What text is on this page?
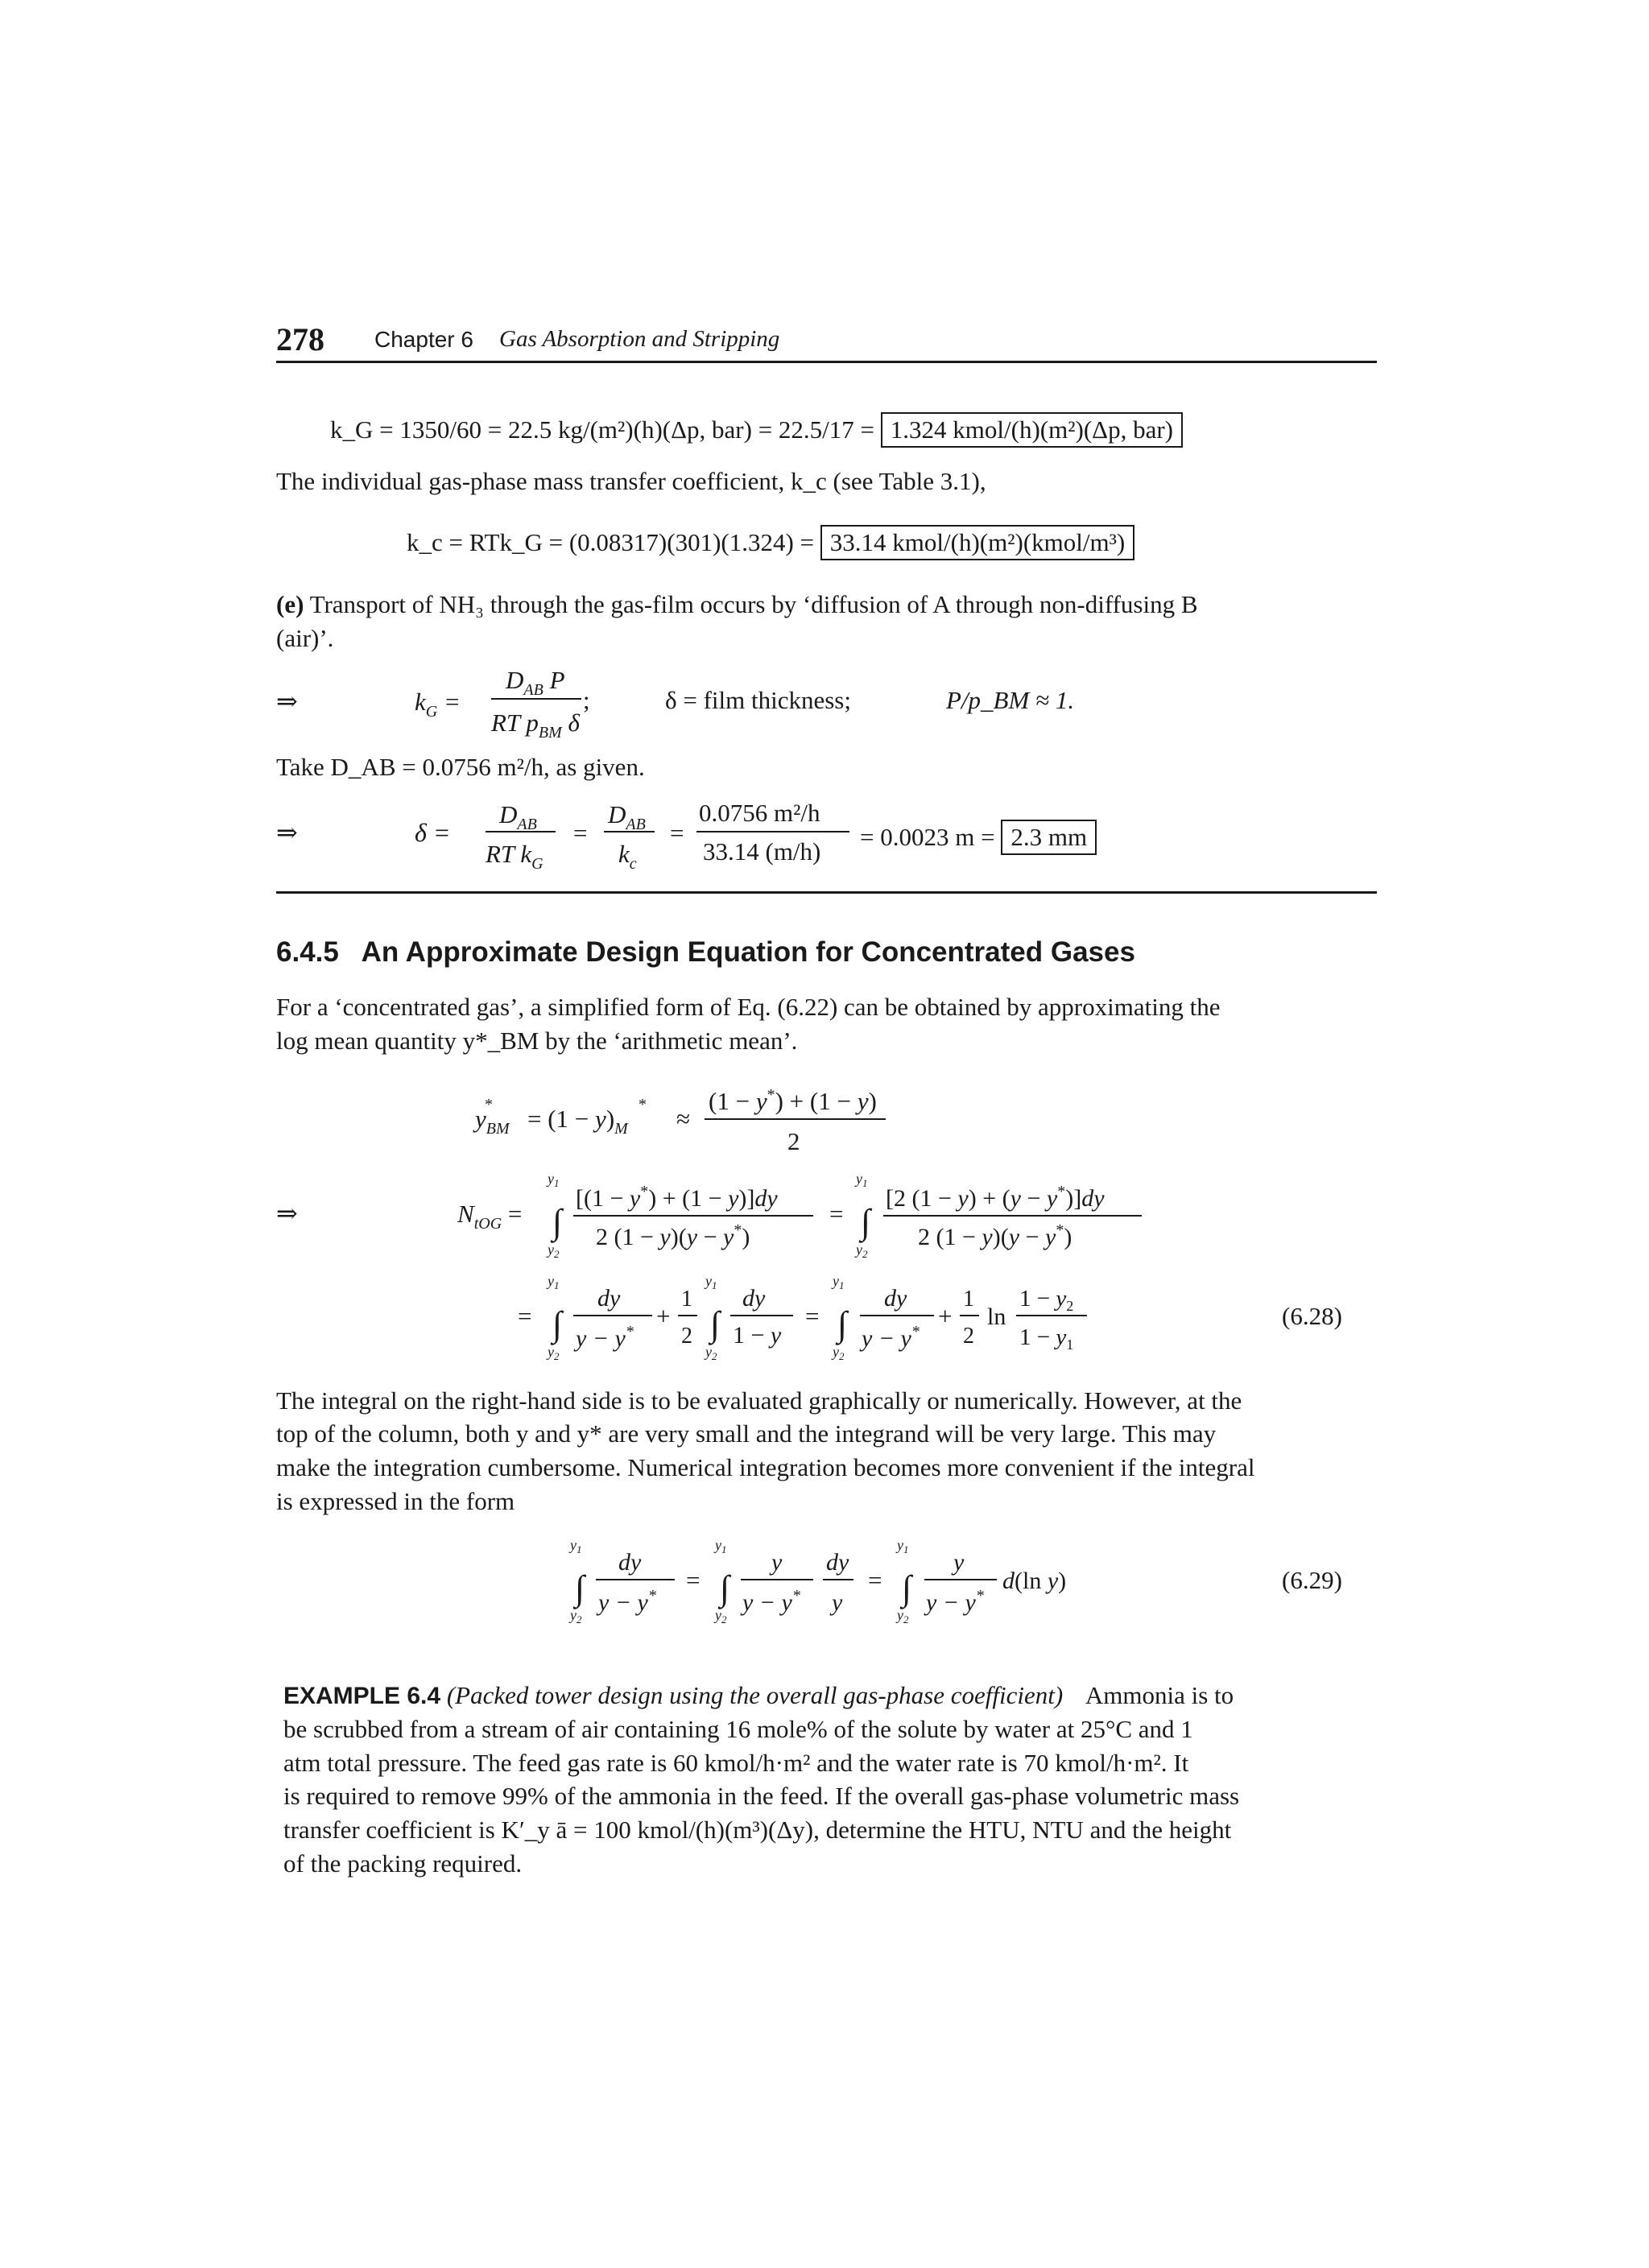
278 Chapter 6 Gas Absorption and Stripping
k_G = 1350/60 = 22.5 kg/(m²)(h)(Δp, bar) = 22.5/17 = 1.324 kmol/(h)(m²)(Δp, bar)
The individual gas-phase mass transfer coefficient, k_c (see Table 3.1),
k_c = RTk_G = (0.08317)(301)(1.324) = 33.14 kmol/(h)(m²)(kmol/m³)
(e) Transport of NH₃ through the gas-film occurs by ‘diffusion of A through non-diffusing B
(air)’.
⇒	$k_G$ =
$D_{AB}$ P
RT $p_{BM}$ δ
;	δ = film thickness;	P/p_BM ≈ 1.
Take D_AB = 0.0756 m²/h, as given.
⇒	δ =
$D_{AB}$
RT $k_G$
=
$D_{AB}$
$k_c$
=
0.0756 m²/h
33.14 (m/h)
= 0.0023 m = 2.3 mm
6.4.5 An Approximate Design Equation for Concentrated Gases
For a ‘concentrated gas’, a simplified form of Eq. (6.22) can be obtained by approximating the
log mean quantity y*_BM by the ‘arithmetic mean’.
$y_{BM}$
* = $(1 - y)_M$
* ≈
(1 − y*) + (1 − y)
2
⇒	$N_{tOG}$ =
$y_1$
∫
$y_2$
[(1 − y*) + (1 − y)]dy
2 (1 − y)(y − y*)
=
$y_1$
∫
$y_2$
[2 (1 − y) + (y − y*)]dy
2 (1 − y)(y − y*)
=
$y_1$
∫
$y_2$
dy
y − y*
+
1
2
$y_1$
∫
$y_2$
dy
1 − y
=
$y_1$
∫
$y_2$
dy
y − y*
+
1
2
ln
$1 - y_2$
$1 - y_1$
(6.28)
The integral on the right-hand side is to be evaluated graphically or numerically. However, at the
top of the column, both y and y* are very small and the integrand will be very large. This may
make the integration cumbersome. Numerical integration becomes more convenient if the integral
is expressed in the form
$y_1$
∫
$y_2$
dy
y − y*
=
$y_1$
∫
$y_2$
y
y − y*
dy
y
=
$y_1$
∫
$y_2$
y
y − y*
d(ln y)	(6.29)
EXAMPLE 6.4 (Packed tower design using the overall gas-phase coefficient) Ammonia is to
be scrubbed from a stream of air containing 16 mole% of the solute by water at 25°C and 1
atm total pressure. The feed gas rate is 60 kmol/h·m² and the water rate is 70 kmol/h·m². It
is required to remove 99% of the ammonia in the feed. If the overall gas-phase volumetric mass
transfer coefficient is K′_y ā = 100 kmol/(h)(m³)(Δy), determine the HTU, NTU and the height
of the packing required.
